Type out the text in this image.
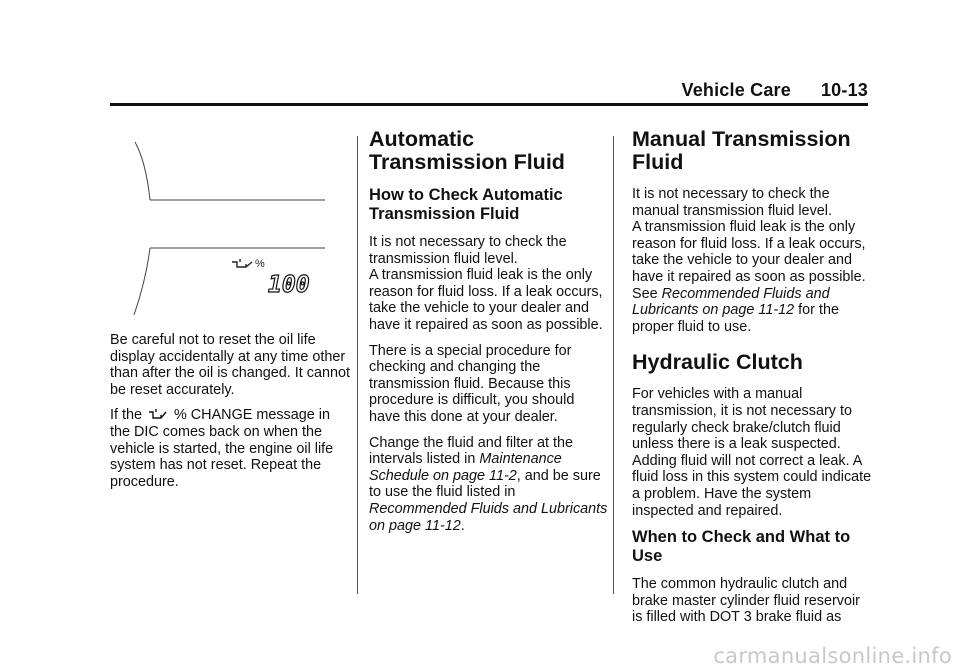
Vehicle Care 10-13
%
100

Be careful not to reset the oil life display accidentally at any time other than after the oil is changed. It cannot be reset accurately.

If the % CHANGE message in the DIC comes back on when the vehicle is started, the engine oil life system has not reset. Repeat the procedure.

Automatic Transmission Fluid
How to Check Automatic Transmission Fluid

It is not necessary to check the transmission fluid level.

A transmission fluid leak is the only reason for fluid loss. If a leak occurs, take the vehicle to your dealer and have it repaired as soon as possible.

There is a special procedure for checking and changing the transmission fluid. Because this procedure is difficult, you should have this done at your dealer.

Change the fluid and filter at the intervals listed in Maintenance Schedule on page 11-2, and be sure to use the fluid listed in Recommended Fluids and Lubricants on page 11-12.

Manual Transmission Fluid

It is not necessary to check the manual transmission fluid level.

A transmission fluid leak is the only reason for fluid loss. If a leak occurs, take the vehicle to your dealer and have it repaired as soon as possible. See Recommended Fluids and Lubricants on page 11-12 for the proper fluid to use.

Hydraulic Clutch

For vehicles with a manual transmission, it is not necessary to regularly check brake/clutch fluid unless there is a leak suspected. Adding fluid will not correct a leak. A fluid loss in this system could indicate a problem. Have the system inspected and repaired.

When to Check and What to Use

The common hydraulic clutch and brake master cylinder fluid reservoir is filled with DOT 3 brake fluid as

carmanualsonline.info
